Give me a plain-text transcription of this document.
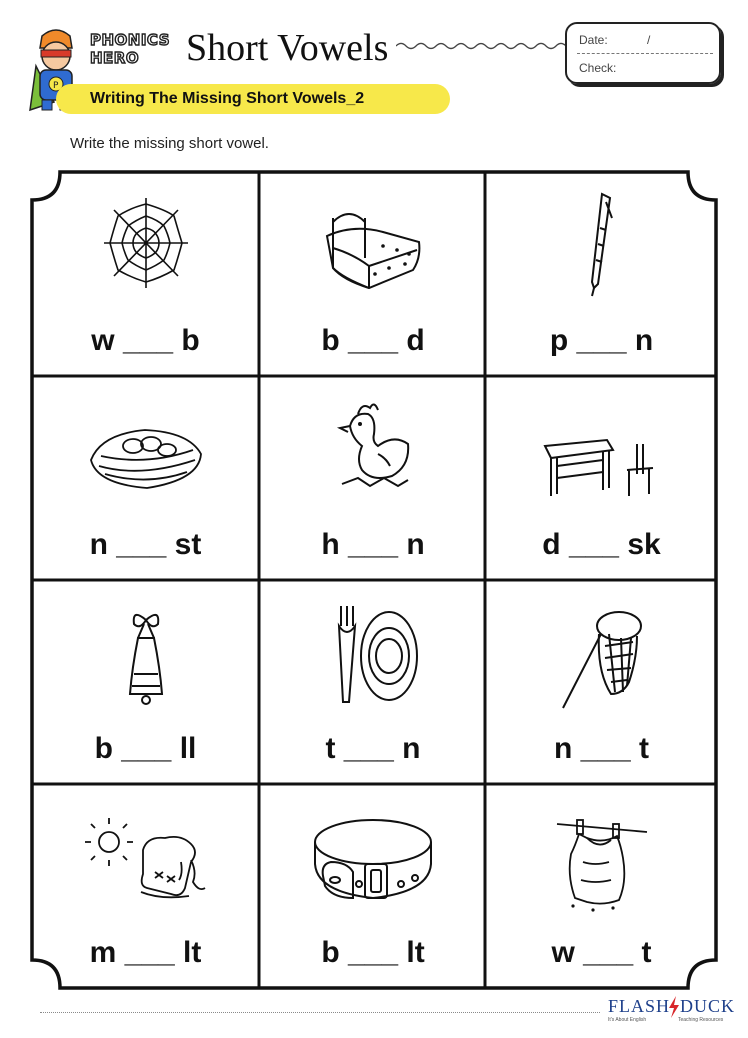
P
PHONICS
HERO Short Vowels	Date:	/
Check:
Writing The Missing Short Vowels_2
Write the missing short vowel.
w ___ b	b ___ d	p ___ n
n ___ st	h ___ n	d ___ sk
b ___ ll	t ___ n	n ___ t
m ___ lt	b ___ lt	w ___ t
FLASH DUCK
It's About English	Teaching Resources
